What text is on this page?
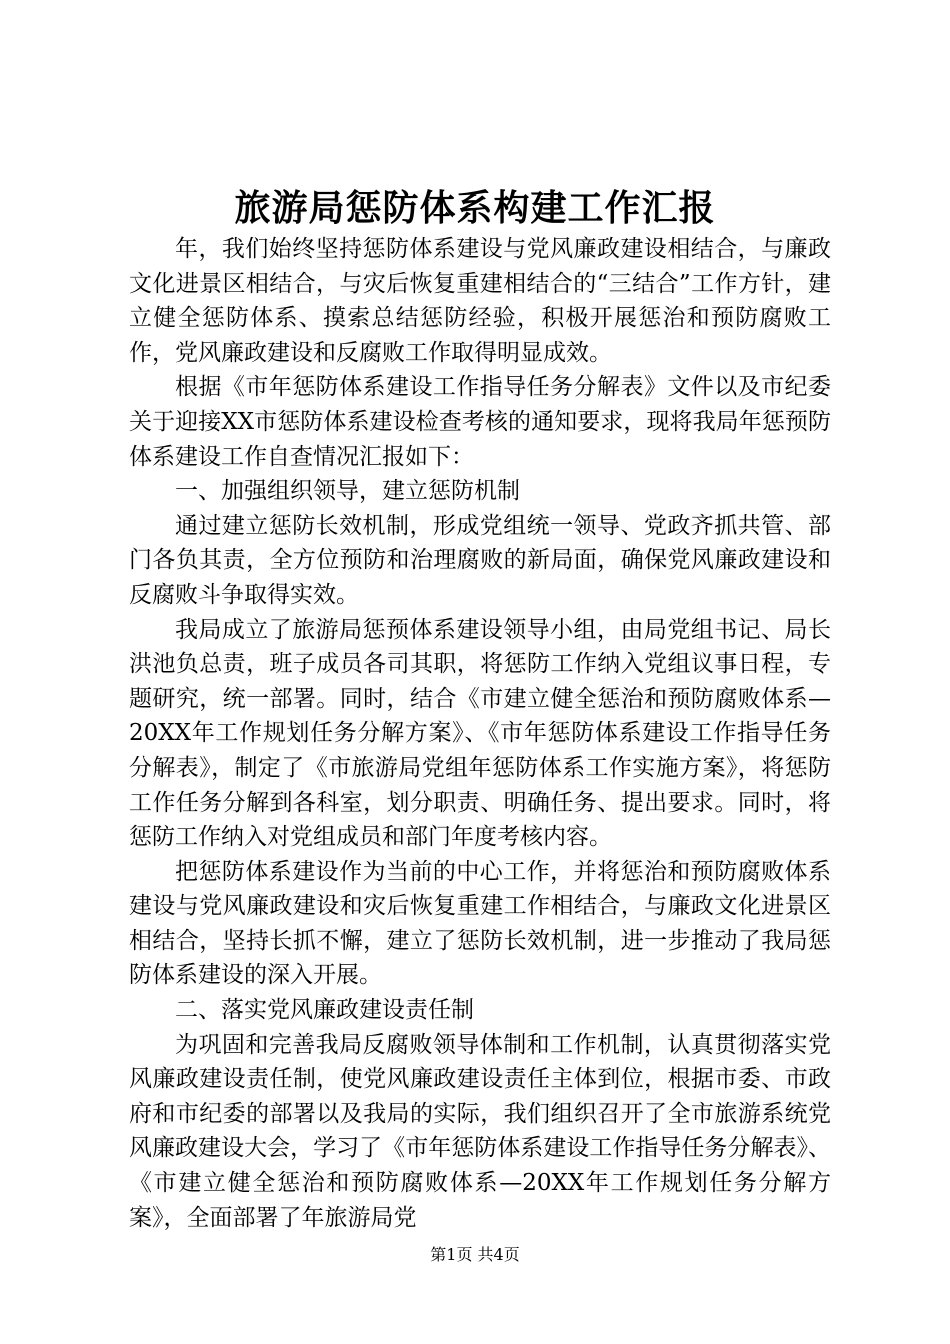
旅游局惩防体系构建工作汇报

年，我们始终坚持惩防体系建设与党风廉政建设相结合，与廉政文化进景区相结合，与灾后恢复重建相结合的“三结合”工作方针，建立健全惩防体系、摸索总结惩防经验，积极开展惩治和预防腐败工作，党风廉政建设和反腐败工作取得明显成效。

根据《市年惩防体系建设工作指导任务分解表》文件以及市纪委关于迎接XX市惩防体系建设检查考核的通知要求，现将我局年惩预防体系建设工作自查情况汇报如下：

一、加强组织领导，建立惩防机制

通过建立惩防长效机制，形成党组统一领导、党政齐抓共管、部门各负其责，全方位预防和治理腐败的新局面，确保党风廉政建设和反腐败斗争取得实效。

我局成立了旅游局惩预体系建设领导小组，由局党组书记、局长洪池负总责，班子成员各司其职，将惩防工作纳入党组议事日程，专题研究，统一部署。同时，结合《市建立健全惩治和预防腐败体系—20XX年工作规划任务分解方案》、《市年惩防体系建设工作指导任务分解表》，制定了《市旅游局党组年惩防体系工作实施方案》，将惩防工作任务分解到各科室，划分职责、明确任务、提出要求。同时，将惩防工作纳入对党组成员和部门年度考核内容。

把惩防体系建设作为当前的中心工作，并将惩治和预防腐败体系建设与党风廉政建设和灾后恢复重建工作相结合，与廉政文化进景区相结合，坚持长抓不懈，建立了惩防长效机制，进一步推动了我局惩防体系建设的深入开展。

二、落实党风廉政建设责任制

为巩固和完善我局反腐败领导体制和工作机制，认真贯彻落实党风廉政建设责任制，使党风廉政建设责任主体到位，根据市委、市政府和市纪委的部署以及我局的实际，我们组织召开了全市旅游系统党风廉政建设大会，学习了《市年惩防体系建设工作指导任务分解表》、《市建立健全惩治和预防腐败体系—20XX年工作规划任务分解方案》，全面部署了年旅游局党

第1页 共4页
